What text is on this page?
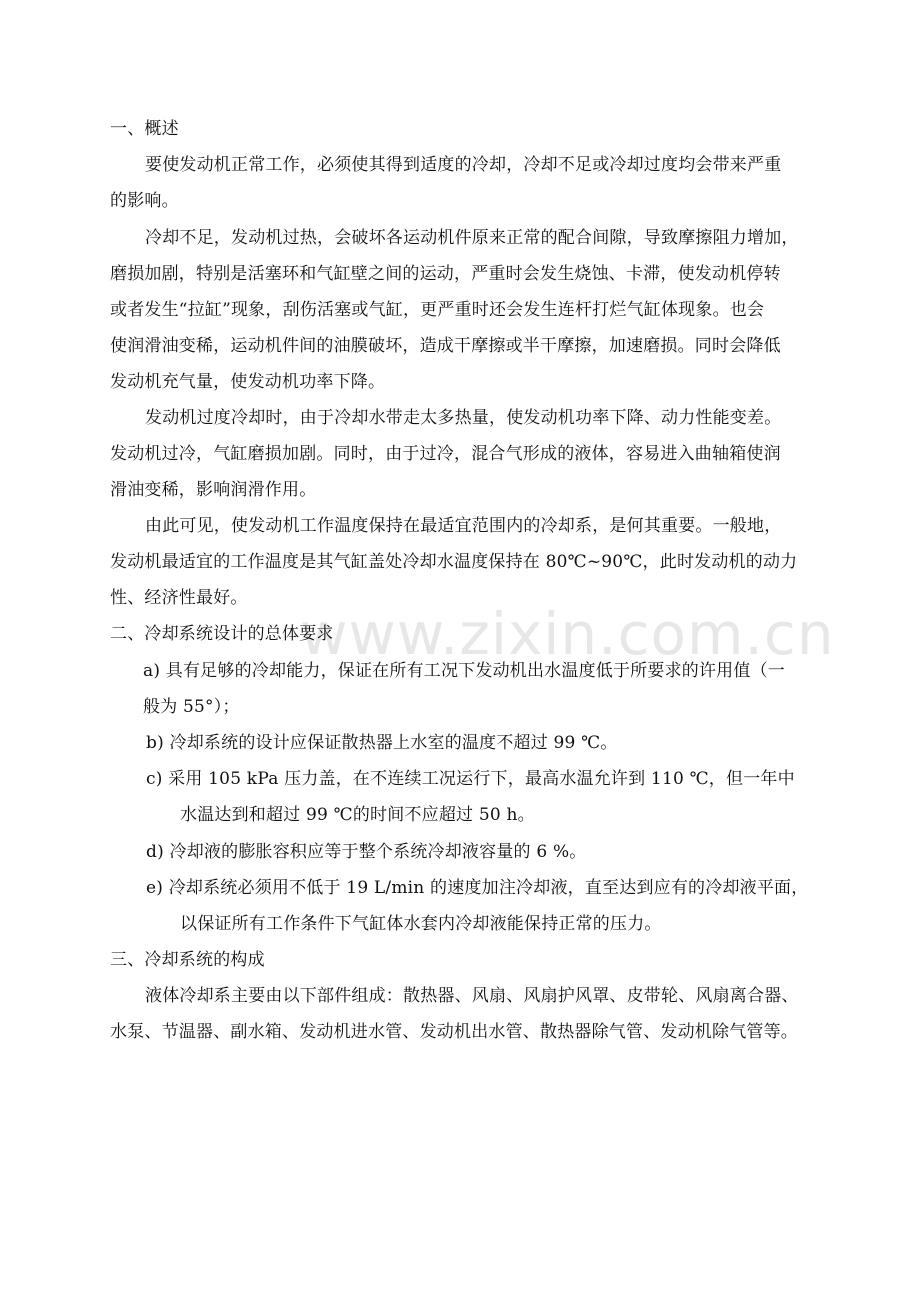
www.zixin.com.cn
一、概述
要使发动机正常工作，必须使其得到适度的冷却，冷却不足或冷却过度均会带来严重
的影响。
冷却不足，发动机过热，会破坏各运动机件原来正常的配合间隙，导致摩擦阻力增加，
磨损加剧，特别是活塞环和气缸壁之间的运动，严重时会发生烧蚀、卡滞，使发动机停转
或者发生“拉缸”现象，刮伤活塞或气缸，更严重时还会发生连杆打烂气缸体现象。也会
使润滑油变稀，运动机件间的油膜破坏，造成干摩擦或半干摩擦，加速磨损。同时会降低
发动机充气量，使发动机功率下降。
发动机过度冷却时，由于冷却水带走太多热量，使发动机功率下降、动力性能变差。
发动机过冷，气缸磨损加剧。同时，由于过冷，混合气形成的液体，容易进入曲轴箱使润
滑油变稀，影响润滑作用。
由此可见，使发动机工作温度保持在最适宜范围内的冷却系，是何其重要。一般地，
发动机最适宜的工作温度是其气缸盖处冷却水温度保持在 80℃~90℃，此时发动机的动力
性、经济性最好。
二、冷却系统设计的总体要求
a) 具有足够的冷却能力，保证在所有工况下发动机出水温度低于所要求的许用值（一
般为 55°）；
b) 冷却系统的设计应保证散热器上水室的温度不超过 99 ℃。
c) 采用 105 kPa 压力盖，在不连续工况运行下，最高水温允许到 110 ℃，但一年中
水温达到和超过 99 ℃的时间不应超过 50 h。
d) 冷却液的膨胀容积应等于整个系统冷却液容量的 6 %。
e) 冷却系统必须用不低于 19 L/min 的速度加注冷却液，直至达到应有的冷却液平面，
以保证所有工作条件下气缸体水套内冷却液能保持正常的压力。
三、冷却系统的构成
液体冷却系主要由以下部件组成：散热器、风扇、风扇护风罩、皮带轮、风扇离合器、
水泵、节温器、副水箱、发动机进水管、发动机出水管、散热器除气管、发动机除气管等。
